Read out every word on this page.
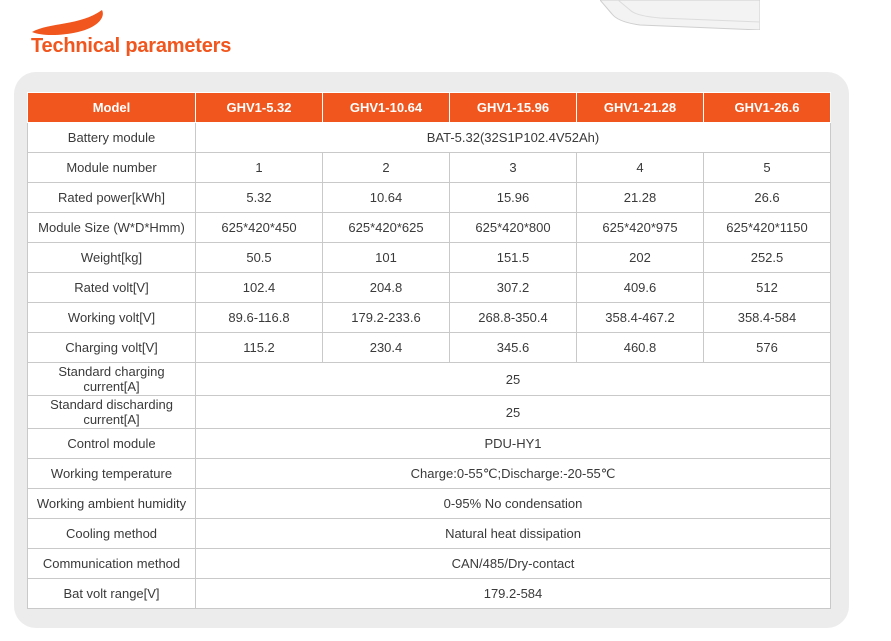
Technical parameters
Model	GHV1-5.32	GHV1-10.64	GHV1-15.96	GHV1-21.28	GHV1-26.6
Battery module	BAT-5.32(32S1P102.4V52Ah)				
Module number	1	2	3	4	5
Rated power[kWh]	5.32	10.64	15.96	21.28	26.6
Module Size (W*D*Hmm)	625*420*450	625*420*625	625*420*800	625*420*975	625*420*1150
Weight[kg]	50.5	101	151.5	202	252.5
Rated volt[V]	102.4	204.8	307.2	409.6	512
Working volt[V]	89.6-116.8	179.2-233.6	268.8-350.4	358.4-467.2	358.4-584
Charging volt[V]	115.2	230.4	345.6	460.8	576
Standard charging current[A]	25				
Standard discharding current[A]	25				
Control module	PDU-HY1				
Working temperature	Charge:0-55℃;Discharge:-20-55℃				
Working ambient humidity	0-95% No condensation				
Cooling method	Natural heat dissipation				
Communication method	CAN/485/Dry-contact				
Bat volt range[V]	179.2-584				
